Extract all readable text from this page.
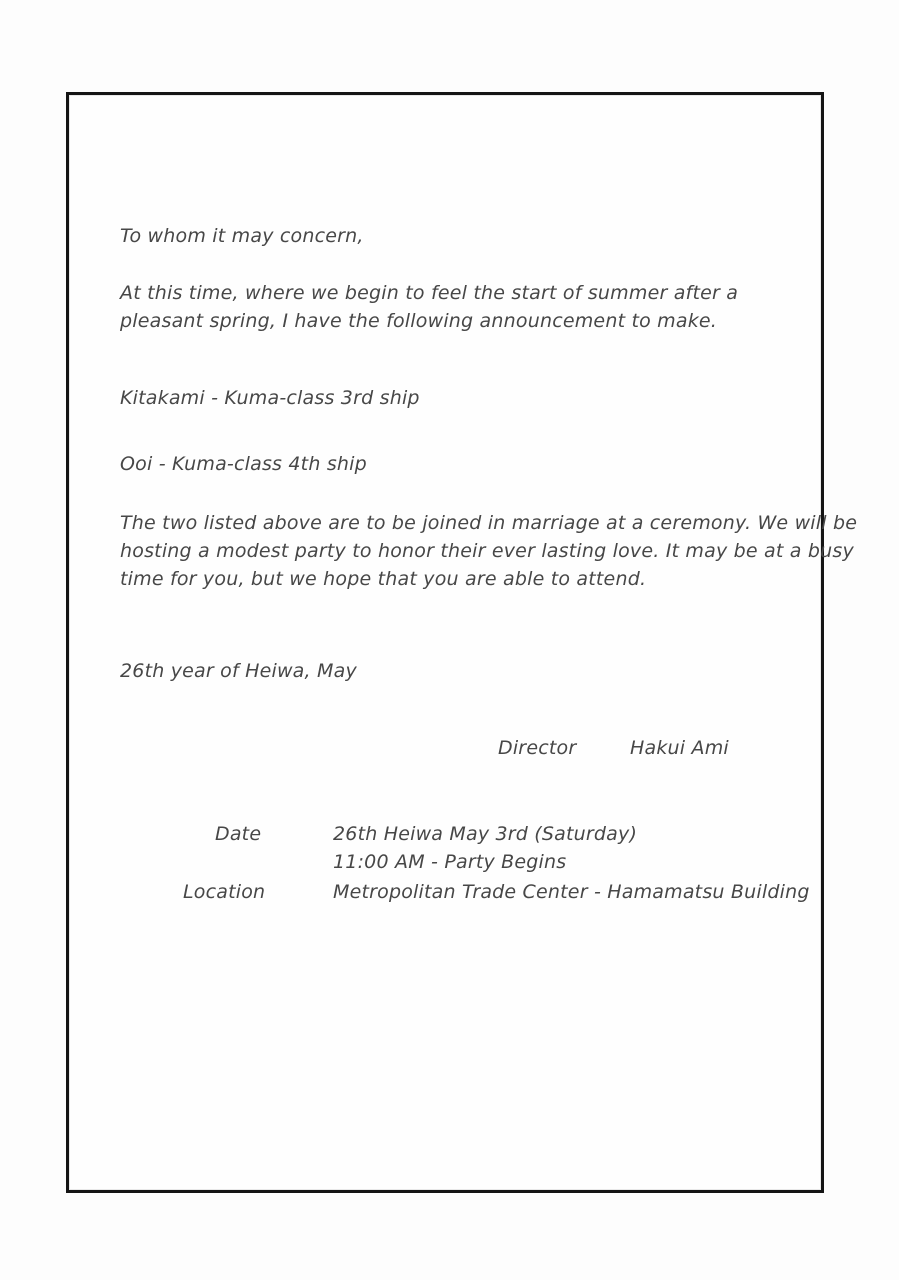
To whom it may concern,
At this time, where we begin to feel the start of summer after a
pleasant spring, I have the following announcement to make.
Kitakami - Kuma-class 3rd ship
Ooi - Kuma-class 4th ship
The two listed above are to be joined in marriage at a ceremony. We will be
hosting a modest party to honor their ever lasting love. It may be at a busy
time for you, but we hope that you are able to attend.
26th year of Heiwa, May
Director	Hakui Ami
Date	26th Heiwa May 3rd (Saturday)
11:00 AM - Party Begins
Location	Metropolitan Trade Center - Hamamatsu Building
